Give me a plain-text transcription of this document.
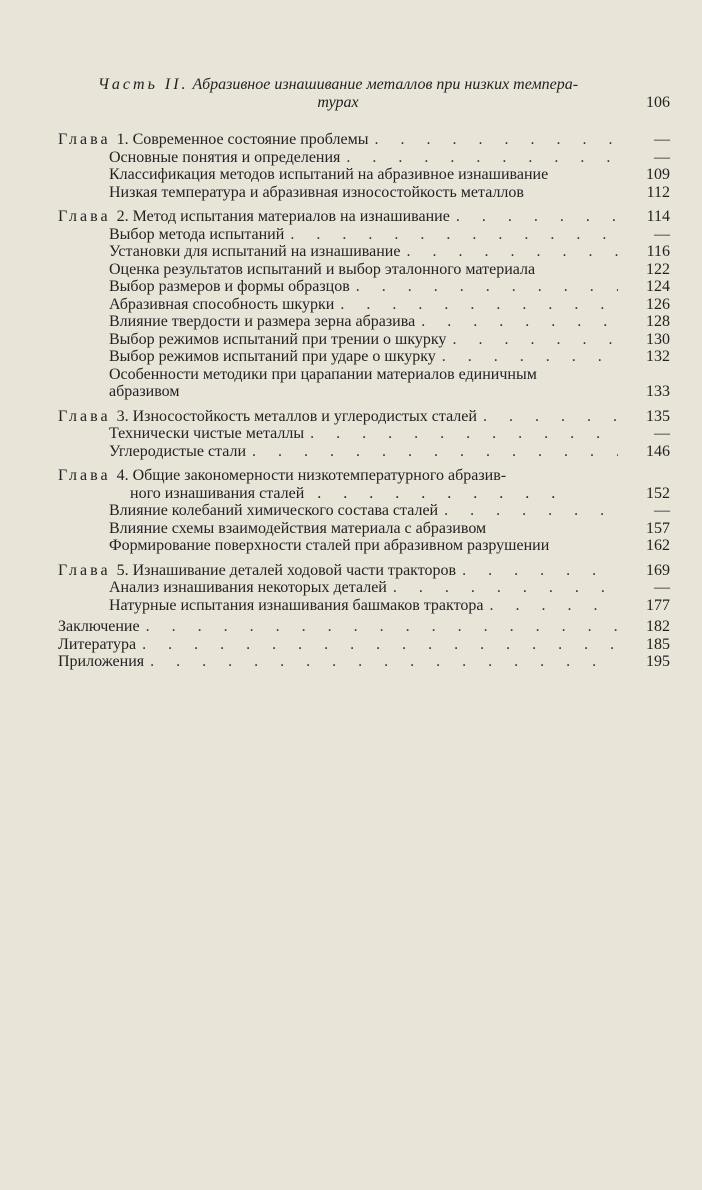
Часть II. Абразивное изнашивание металлов при низких темпера-
турах	106
Глава 1. Современное состояние проблемы . . .	—
Основные понятия и определения . . .	—
Классификация методов испытаний на абразивное изнашивание	109
Низкая температура и абразивная износостойкость металлов	112
Глава 2. Метод испытания материалов на изнашивание . . .	114
Выбор метода испытаний . . .	—
Установки для испытаний на изнашивание . . .	116
Оценка результатов испытаний и выбор эталонного материала	122
Выбор размеров и формы образцов . . .	124
Абразивная способность шкурки . . .	126
Влияние твердости и размера зерна абразива . . .	128
Выбор режимов испытаний при трении о шкурку . . .	130
Выбор режимов испытаний при ударе о шкурку . . .	132
Особенности методики при царапании материалов единичным
абразивом	133
Глава 3. Износостойкость металлов и углеродистых сталей . . .	135
Технически чистые металлы . . .	—
Углеродистые стали . . .	146
Глава 4. Общие закономерности низкотемпературного абразив-
ного изнашивания сталей . . . . . . . . . .	152
Влияние колебаний химического состава сталей . . .	—
Влияние схемы взаимодействия материала с абразивом	157
Формирование поверхности сталей при абразивном разрушении	162
Глава 5. Изнашивание деталей ходовой части тракторов . . .	169
Анализ изнашивания некоторых деталей . . .	—
Натурные испытания изнашивания башмаков трактора . . .	177
Заключение . . .	182
Литература . . .	185
Приложения . . .	195
